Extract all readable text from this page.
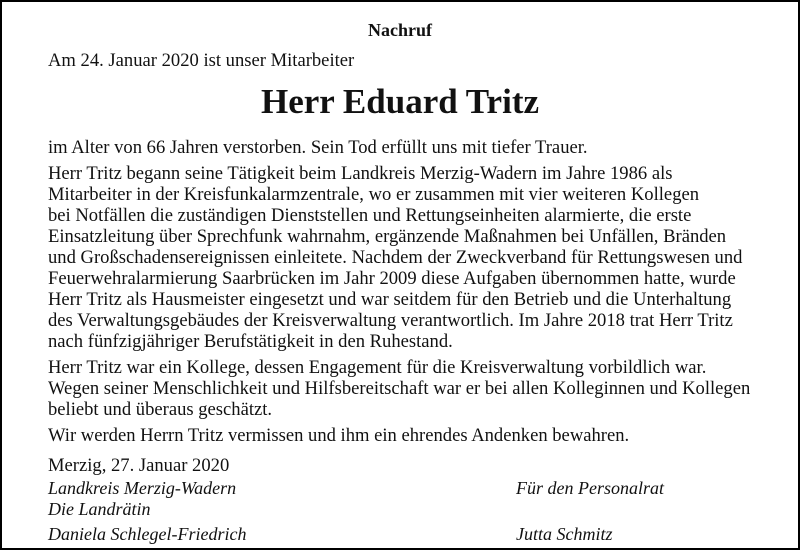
Nachruf
Am 24. Januar 2020 ist unser Mitarbeiter
Herr Eduard Tritz
im Alter von 66 Jahren verstorben. Sein Tod erfüllt uns mit tiefer Trauer.
Herr Tritz begann seine Tätigkeit beim Landkreis Merzig-Wadern im Jahre 1986 als
Mitarbeiter in der Kreisfunkalarmzentrale, wo er zusammen mit vier weiteren Kollegen
bei Notfällen die zuständigen Dienststellen und Rettungseinheiten alarmierte, die erste
Einsatzleitung über Sprechfunk wahrnahm, ergänzende Maßnahmen bei Unfällen, Bränden
und Großschadensereignissen einleitete. Nachdem der Zweckverband für Rettungswesen und
Feuerwehralarmierung Saarbrücken im Jahr 2009 diese Aufgaben übernommen hatte, wurde
Herr Tritz als Hausmeister eingesetzt und war seitdem für den Betrieb und die Unterhaltung
des Verwaltungsgebäudes der Kreisverwaltung verantwortlich. Im Jahre 2018 trat Herr Tritz
nach fünfzigjähriger Berufstätigkeit in den Ruhestand.
Herr Tritz war ein Kollege, dessen Engagement für die Kreisverwaltung vorbildlich war.
Wegen seiner Menschlichkeit und Hilfsbereitschaft war er bei allen Kolleginnen und Kollegen
beliebt und überaus geschätzt.
Wir werden Herrn Tritz vermissen und ihm ein ehrendes Andenken bewahren.
Merzig, 27. Januar 2020
Landkreis Merzig-Wadern
Die Landrätin
Daniela Schlegel-Friedrich
Für den Personalrat
Jutta Schmitz
